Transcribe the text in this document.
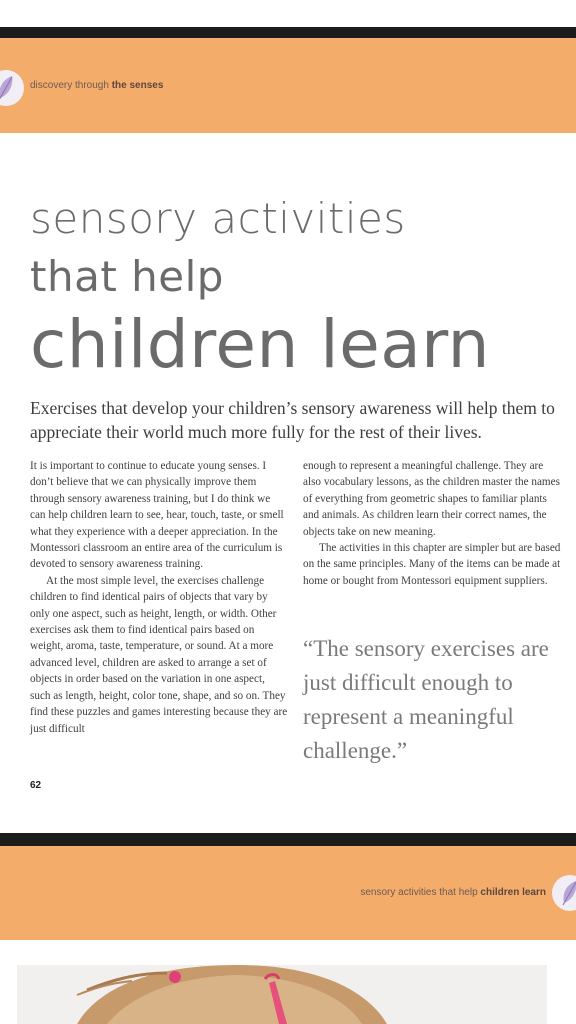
discovery through the senses
sensory activities
that help
children learn
Exercises that develop your children’s sensory awareness will help them to appreciate their world much more fully for the rest of their lives.

It is important to continue to educate young senses. I don’t believe that we can physically improve them through sensory awareness training, but I do think we can help children learn to see, hear, touch, taste, or smell what they experience with a deeper appreciation. In the Montessori classroom an entire area of the curriculum is devoted to sensory awareness training.

At the most simple level, the exercises challenge children to find identical pairs of objects that vary by only one aspect, such as height, length, or width. Other exercises ask them to find identical pairs based on weight, aroma, taste, temperature, or sound. At a more advanced level, children are asked to arrange a set of objects in order based on the variation in one aspect, such as length, height, color tone, shape, and so on. They find these puzzles and games interesting because they are just difficult

enough to represent a meaningful challenge. They are also vocabulary lessons, as the children master the names of everything from geometric shapes to familiar plants and animals. As children learn their correct names, the objects take on new meaning.

The activities in this chapter are simpler but are based on the same principles. Many of the items can be made at home or bought from Montessori equipment suppliers.

“The sensory exercises are just difficult enough to represent a meaningful challenge.”
62
sensory activities that help children learn
